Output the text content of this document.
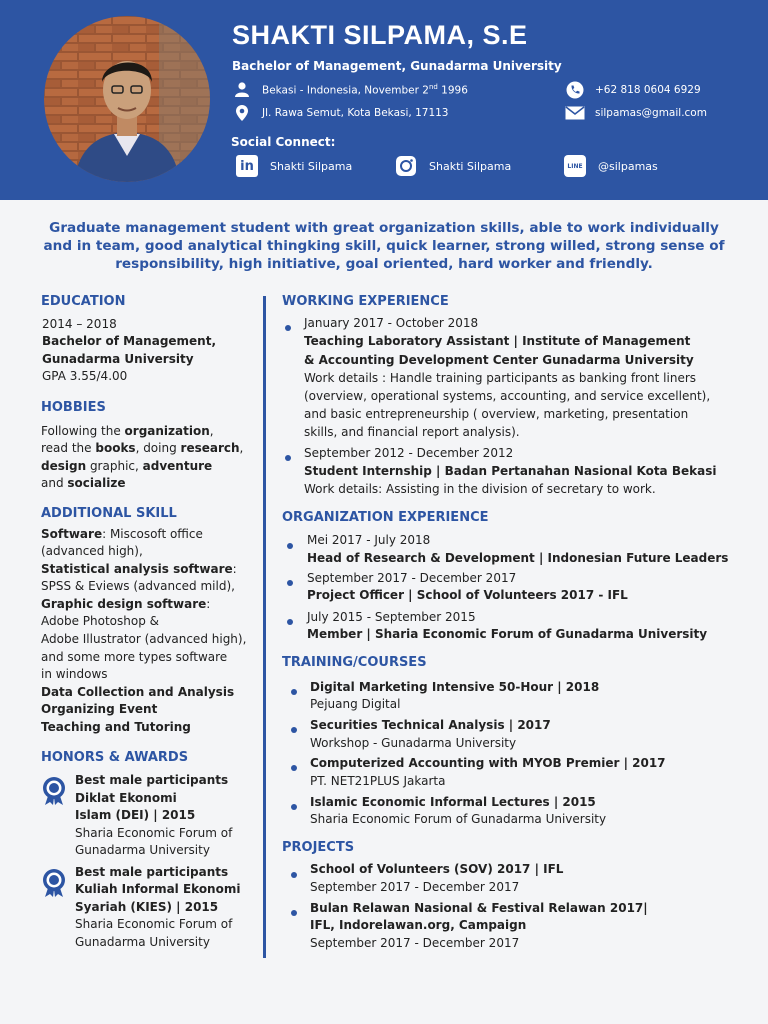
SHAKTI SILPAMA, S.E
Bachelor of Management, Gunadarma University
Bekasi - Indonesia, November 2nd 1996
Jl. Rawa Semut, Kota Bekasi, 17113
+62 818 0604 6929
silpamas@gmail.com
Social Connect:
in	Shakti Silpama	Shakti Silpama	LINE	@silpamas
Graduate management student with great organization skills, able to work individually
and in team, good analytical thingking skill, quick learner, strong willed, strong sense of
responsibility, high initiative, goal oriented, hard worker and friendly.
EDUCATION
2014 – 2018
Bachelor of Management,
Gunadarma University
GPA 3.55/4.00
HOBBIES
Following the organization,
read the books, doing research,
design graphic, adventure
and socialize
ADDITIONAL SKILL
Software: Miscosoft office
(advanced high),
Statistical analysis software:
SPSS & Eviews (advanced mild),
Graphic design software:
Adobe Photoshop &
Adobe Illustrator (advanced high),
and some more types software
in windows
Data Collection and Analysis
Organizing Event
Teaching and Tutoring
HONORS & AWARDS
Best male participants
Diklat Ekonomi
Islam (DEI) | 2015
Sharia Economic Forum of
Gunadarma University
Best male participants
Kuliah Informal Ekonomi
Syariah (KIES) | 2015
Sharia Economic Forum of
Gunadarma University
WORKING EXPERIENCE
January 2017 - October 2018
Teaching Laboratory Assistant | Institute of Management
& Accounting Development Center Gunadarma University
Work details : Handle training participants as banking front liners
(overview, operational systems, accounting, and service excellent),
and basic entrepreneurship ( overview, marketing, presentation
skills, and financial report analysis).
September 2012 - December 2012
Student Internship | Badan Pertanahan Nasional Kota Bekasi
Work details: Assisting in the division of secretary to work.
ORGANIZATION EXPERIENCE
Mei 2017 - July 2018
Head of Research & Development | Indonesian Future Leaders
September 2017 - December 2017
Project Officer | School of Volunteers 2017 - IFL
July 2015 - September 2015
Member | Sharia Economic Forum of Gunadarma University
TRAINING/COURSES
Digital Marketing Intensive 50-Hour | 2018
Pejuang Digital
Securities Technical Analysis | 2017
Workshop - Gunadarma University
Computerized Accounting with MYOB Premier | 2017
PT. NET21PLUS Jakarta
Islamic Economic Informal Lectures | 2015
Sharia Economic Forum of Gunadarma University
PROJECTS
School of Volunteers (SOV) 2017 | IFL
September 2017 - December 2017
Bulan Relawan Nasional & Festival Relawan 2017|
IFL, Indorelawan.org, Campaign
September 2017 - December 2017
